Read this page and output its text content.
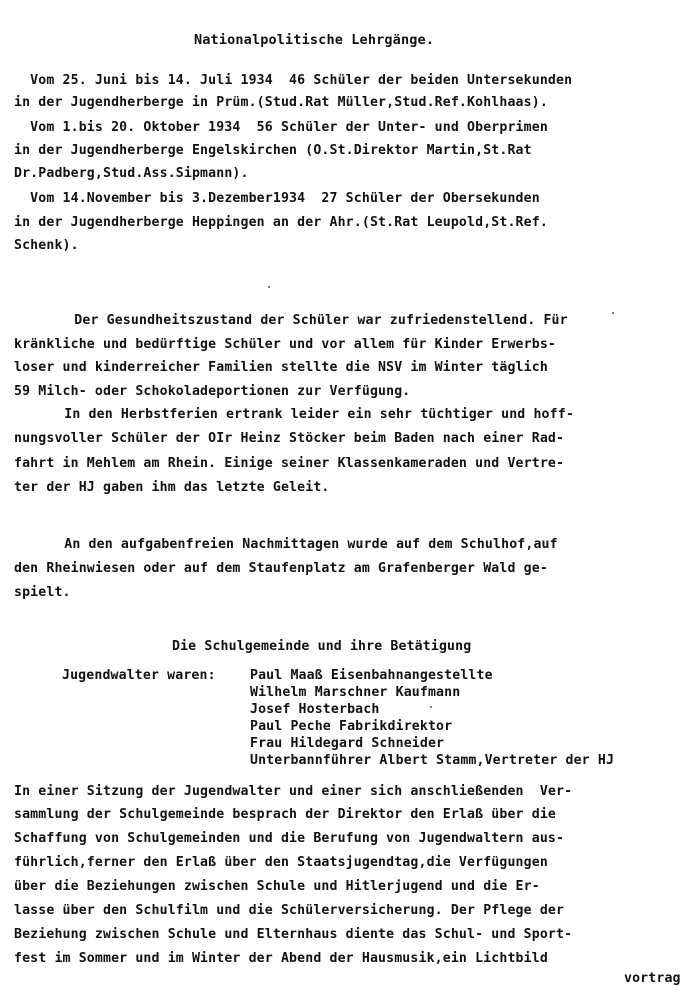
Nationalpolitische Lehrgänge.
Vom 25. Juni bis 14. Juli 1934  46 Schüler der beiden Untersekunden
in der Jugendherberge in Prüm.(Stud.Rat Müller,Stud.Ref.Kohlhaas).
Vom 1.bis 20. Oktober 1934  56 Schüler der Unter- und Oberprimen
in der Jugendherberge Engelskirchen (O.St.Direktor Martin,St.Rat
Dr.Padberg,Stud.Ass.Sipmann).
Vom 14.November bis 3.Dezember1934  27 Schüler der Obersekunden
in der Jugendherberge Heppingen an der Ahr.(St.Rat Leupold,St.Ref.
Schenk).
Der Gesundheitszustand der Schüler war zufriedenstellend. Für
kränkliche und bedürftige Schüler und vor allem für Kinder Erwerbs-
loser und kinderreicher Familien stellte die NSV im Winter täglich
59 Milch- oder Schokoladeportionen zur Verfügung.
In den Herbstferien ertrank leider ein sehr tüchtiger und hoff-
nungsvoller Schüler der OIr Heinz Stöcker beim Baden nach einer Rad-
fahrt in Mehlem am Rhein. Einige seiner Klassenkameraden und Vertre-
ter der HJ gaben ihm das letzte Geleit.
An den aufgabenfreien Nachmittagen wurde auf dem Schulhof,auf
den Rheinwiesen oder auf dem Staufenplatz am Grafenberger Wald ge-
spielt.
Die Schulgemeinde und ihre Betätigung
Jugendwalter waren:	Paul Maaß Eisenbahnangestellte
Wilhelm Marschner Kaufmann
Josef Hosterbach
Paul Peche Fabrikdirektor
Frau Hildegard Schneider
Unterbannführer Albert Stamm,Vertreter der HJ
In einer Sitzung der Jugendwalter und einer sich anschließenden  Ver-
sammlung der Schulgemeinde besprach der Direktor den Erlaß über die
Schaffung von Schulgemeinden und die Berufung von Jugendwaltern aus-
führlich,ferner den Erlaß über den Staatsjugendtag,die Verfügungen
über die Beziehungen zwischen Schule und Hitlerjugend und die Er-
lasse über den Schulfilm und die Schülerversicherung. Der Pflege der
Beziehung zwischen Schule und Elternhaus diente das Schul- und Sport-
fest im Sommer und im Winter der Abend der Hausmusik,ein Lichtbild
vortrag
